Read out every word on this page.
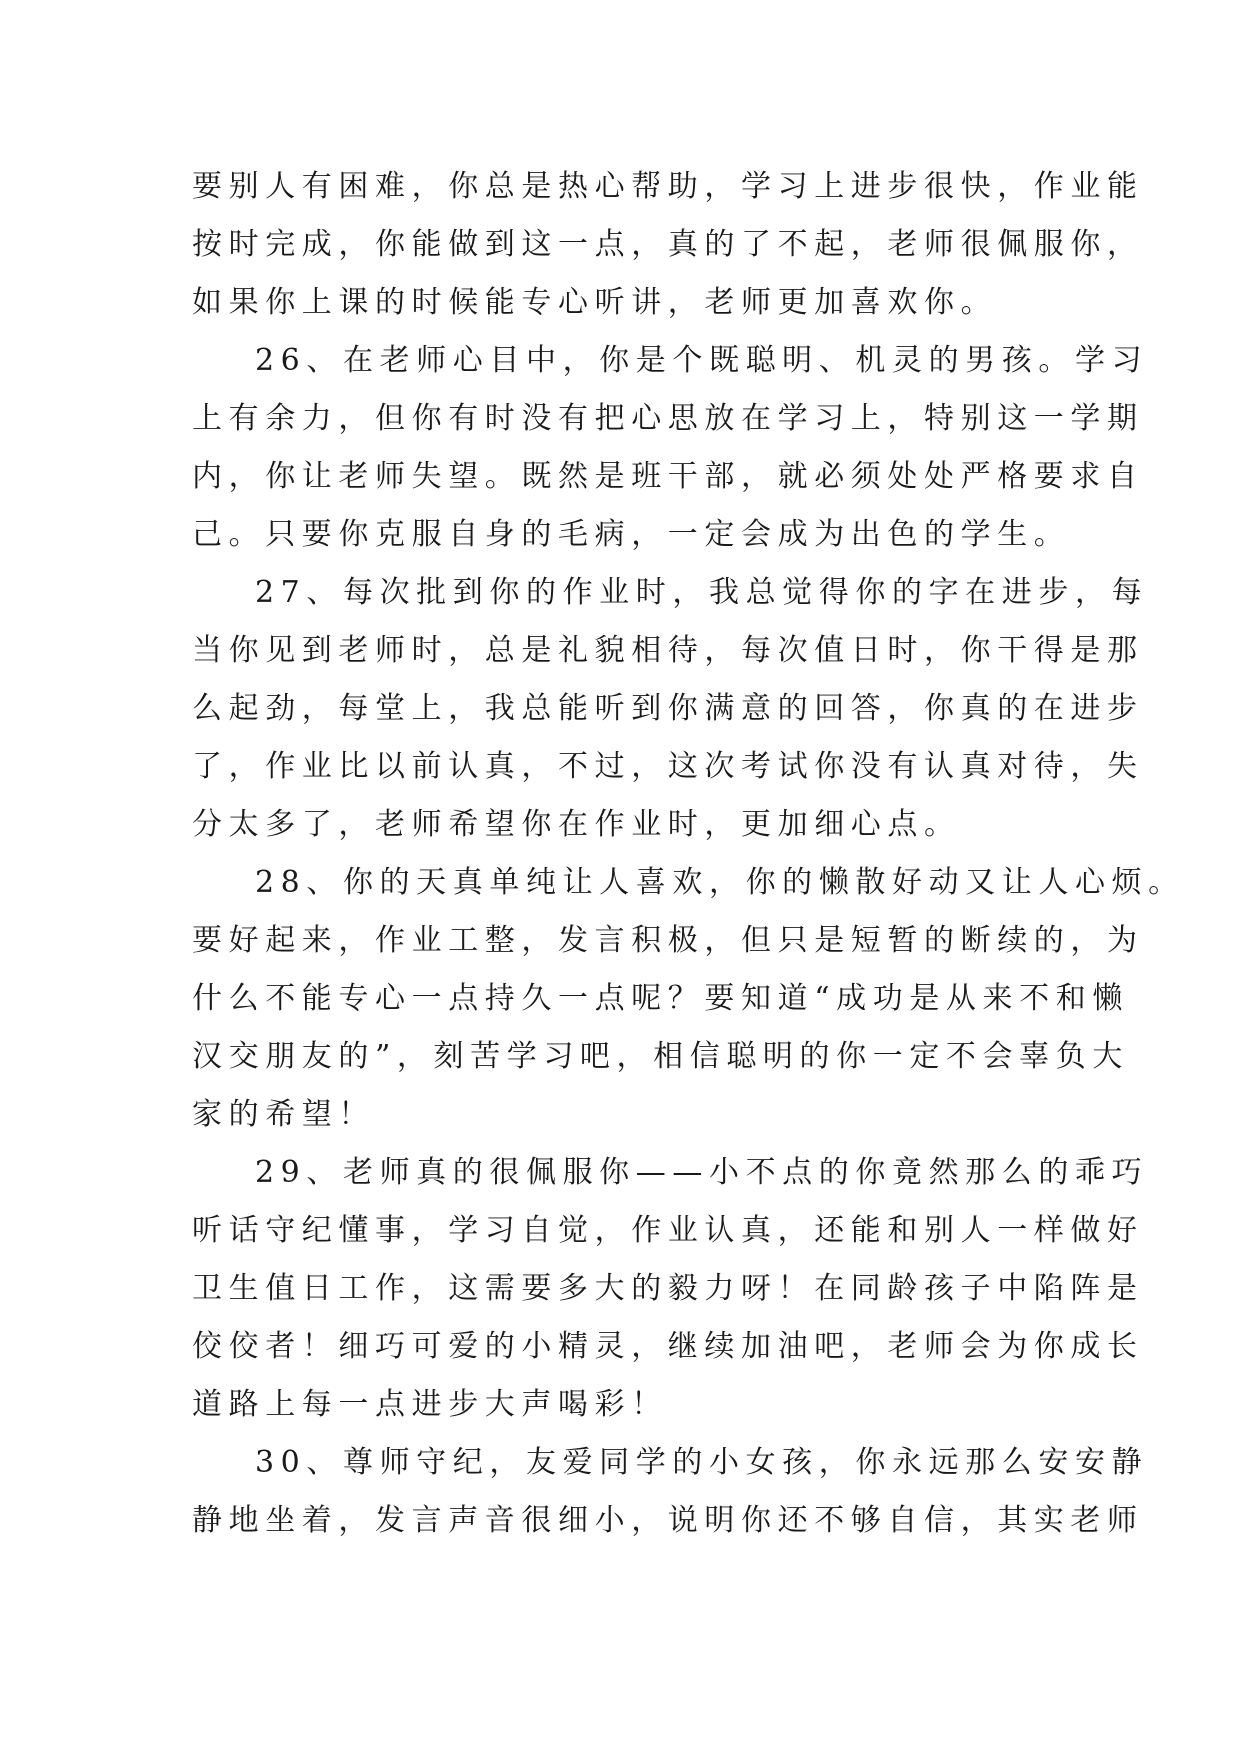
要别人有困难，你总是热心帮助，学习上进步很快，作业能
按时完成，你能做到这一点，真的了不起，老师很佩服你，
如果你上课的时候能专心听讲，老师更加喜欢你。
26、在老师心目中，你是个既聪明、机灵的男孩。学习
上有余力，但你有时没有把心思放在学习上，特别这一学期
内，你让老师失望。既然是班干部，就必须处处严格要求自
己。只要你克服自身的毛病，一定会成为出色的学生。
27、每次批到你的作业时，我总觉得你的字在进步，每
当你见到老师时，总是礼貌相待，每次值日时，你干得是那
么起劲，每堂上，我总能听到你满意的回答，你真的在进步
了，作业比以前认真，不过，这次考试你没有认真对待，失
分太多了，老师希望你在作业时，更加细心点。
28、你的天真单纯让人喜欢，你的懒散好动又让人心烦。
要好起来，作业工整，发言积极，但只是短暂的断续的，为
什么不能专心一点持久一点呢？要知道“成功是从来不和懒
汉交朋友的”，刻苦学习吧，相信聪明的你一定不会辜负大
家的希望！
29、老师真的很佩服你——小不点的你竟然那么的乖巧
听话守纪懂事，学习自觉，作业认真，还能和别人一样做好
卫生值日工作，这需要多大的毅力呀！在同龄孩子中陷阵是
佼佼者！细巧可爱的小精灵，继续加油吧，老师会为你成长
道路上每一点进步大声喝彩！
30、尊师守纪，友爱同学的小女孩，你永远那么安安静
静地坐着，发言声音很细小，说明你还不够自信，其实老师
